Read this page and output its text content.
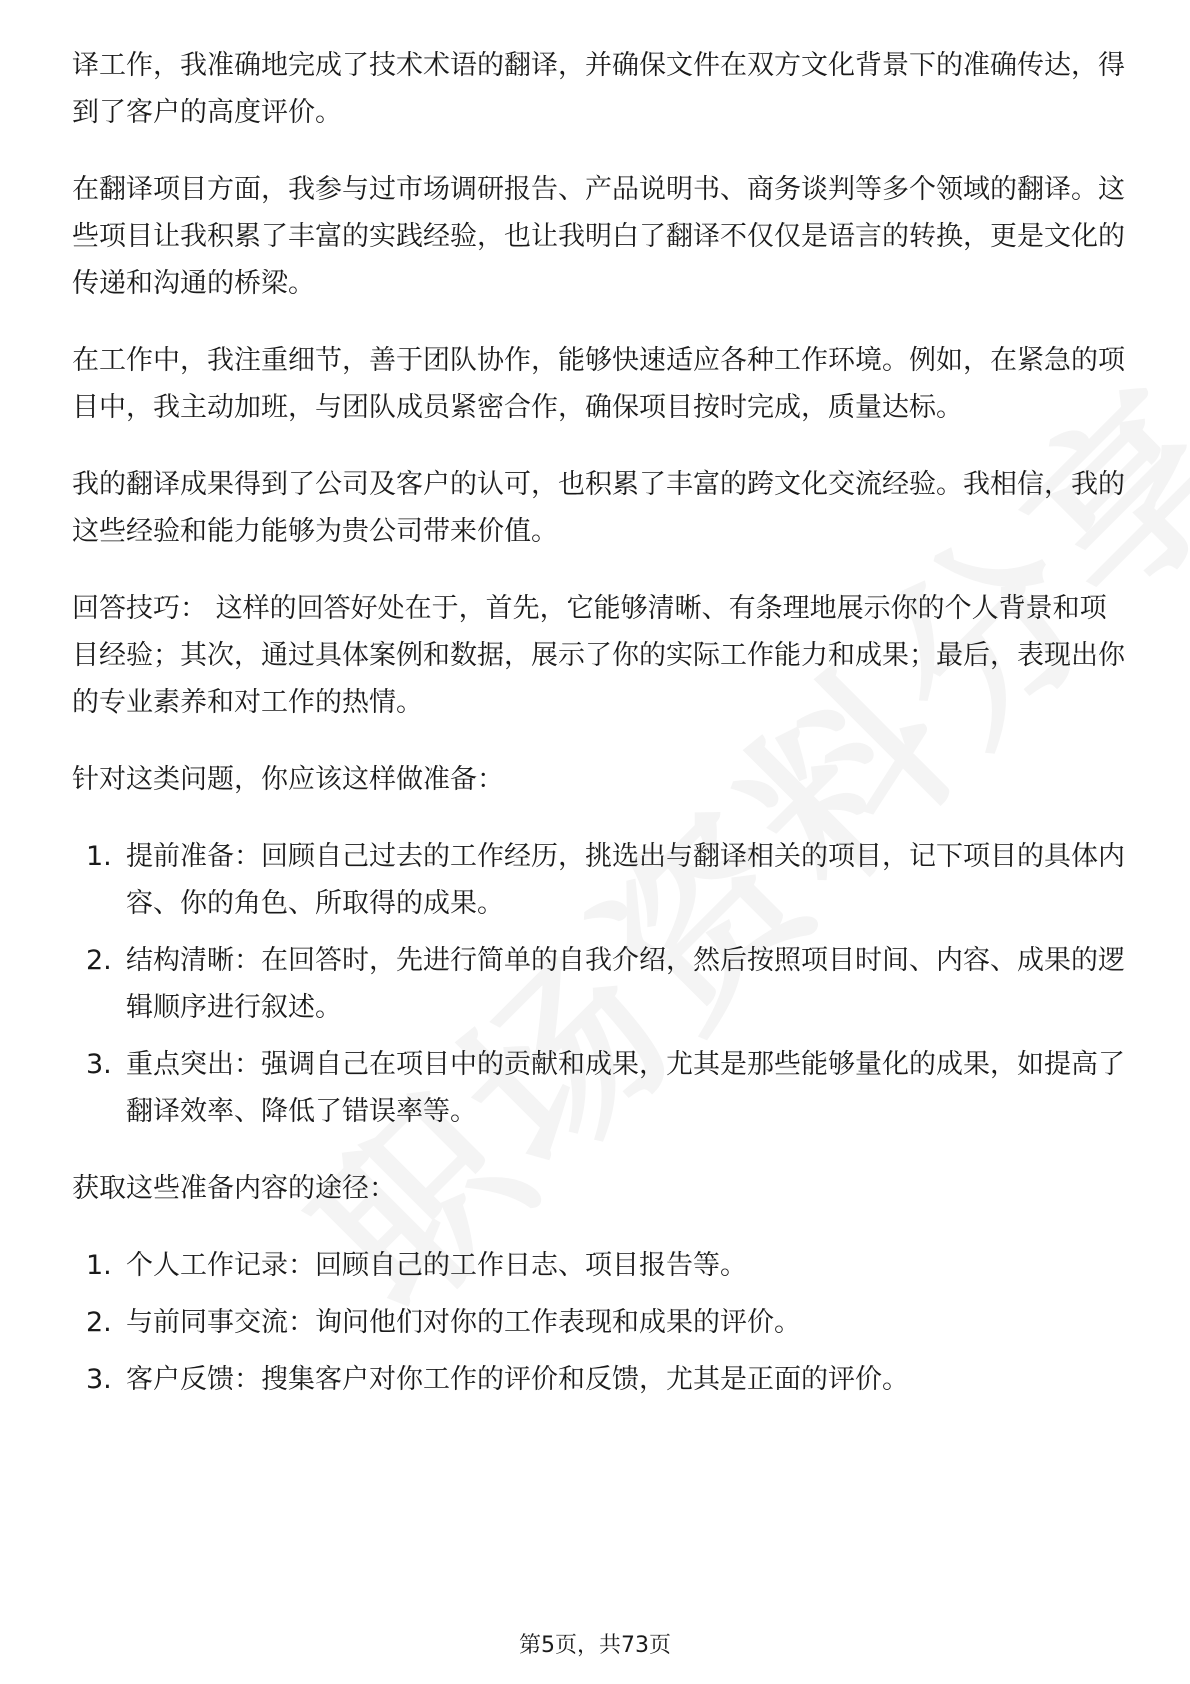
译工作，我准确地完成了技术术语的翻译，并确保文件在双方文化背景下的准确传达，得到了客户的高度评价。

在翻译项目方面，我参与过市场调研报告、产品说明书、商务谈判等多个领域的翻译。这些项目让我积累了丰富的实践经验，也让我明白了翻译不仅仅是语言的转换，更是文化的传递和沟通的桥梁。

在工作中，我注重细节，善于团队协作，能够快速适应各种工作环境。例如，在紧急的项目中，我主动加班，与团队成员紧密合作，确保项目按时完成，质量达标。

我的翻译成果得到了公司及客户的认可，也积累了丰富的跨文化交流经验。我相信，我的这些经验和能力能够为贵公司带来价值。

回答技巧： 这样的回答好处在于，首先，它能够清晰、有条理地展示你的个人背景和项目经验；其次，通过具体案例和数据，展示了你的实际工作能力和成果；最后，表现出你的专业素养和对工作的热情。

针对这类问题，你应该这样做准备：

1. 提前准备：回顾自己过去的工作经历，挑选出与翻译相关的项目，记下项目的具体内容、你的角色、所取得的成果。
2. 结构清晰：在回答时，先进行简单的自我介绍，然后按照项目时间、内容、成果的逻辑顺序进行叙述。
3. 重点突出：强调自己在项目中的贡献和成果，尤其是那些能够量化的成果，如提高了翻译效率、降低了错误率等。

获取这些准备内容的途径：

1. 个人工作记录：回顾自己的工作日志、项目报告等。
2. 与前同事交流：询问他们对你的工作表现和成果的评价。
3. 客户反馈：搜集客户对你工作的评价和反馈，尤其是正面的评价。
第5页，共73页
